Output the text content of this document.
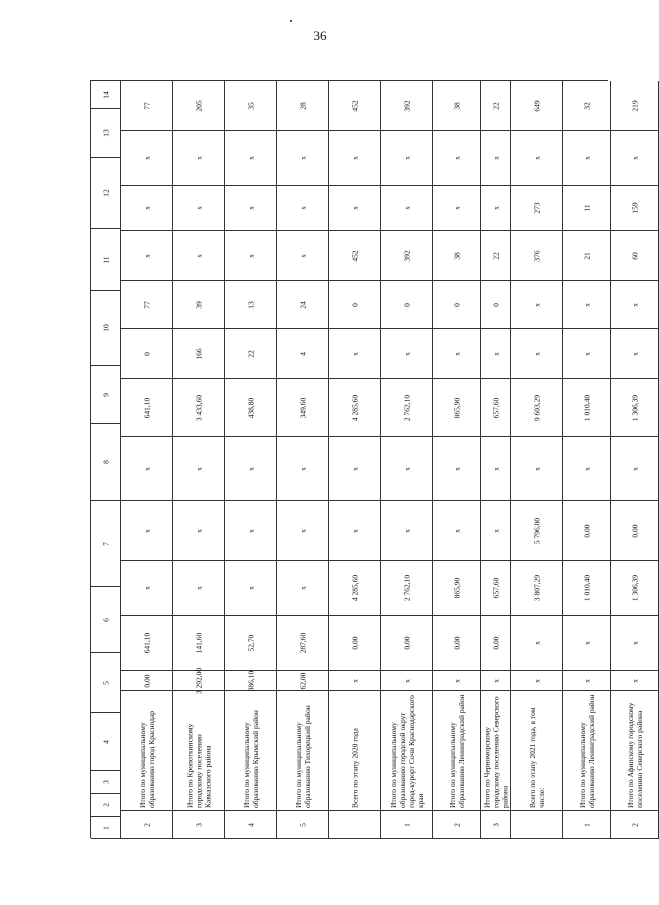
36
14
13
12
11
10
9
8
7
6
5
4
3
2
1
77
x
x
x
77
0
641,10
x
x
x
641,10
0,00
Итого по муниципальному образованию город Краснодар
2
205
x
x
x
39
166
3 433,60
x
x
x
141,60
3 292,00
Итого по Кропоткинскому городскому поселению Кавказского района
3
35
x
x
x
13
22
438,80
x
x
x
52,70
386,10
Итого по муниципальному образованию Крымский район
4
28
x
x
x
24
4
349,60
x
x
x
287,60
62,00
Итого по муниципальному образованию Тихорецкий район
5
452
x
x
452
0
x
4 285,60
x
x
4 285,60
0,00
x
Всего по этапу 2020 года
392
x
x
392
0
x
2 762,10
x
x
2 762,10
0,00
x
Итого по муниципальному образованию городской округ город-курорт Сочи Краснодарского края
1
38
x
x
38
0
x
865,90
x
x
865,90
0,00
x
Итого по муниципальному образованию Ленинградский район
2
22
x
x
22
0
x
657,60
x
x
657,60
0,00
x
Итого по Черноморскому городскому поселению Северского района
3
649
x
273
376
x
x
9 603,29
x
5 796,00
3 807,29
x
x
Всего по этапу 2021 года, в том числе:
32
x
11
21
x
x
1 010,40
x
0,00
1 010,40
x
x
Итого по муниципальному образованию Ленинградский район
1
219
x
159
60
x
x
1 306,39
x
0,00
1 306,39
x
x
Итого по Афипскому городскому поселению Северского района
2
